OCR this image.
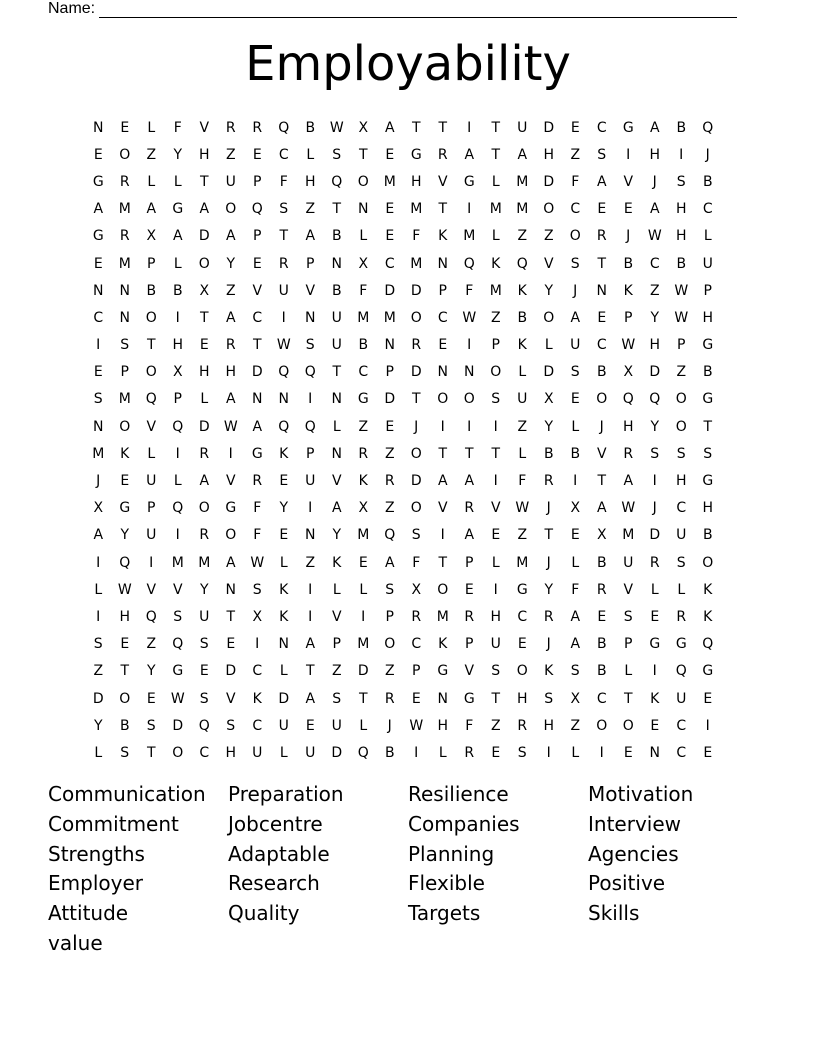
Name:
Employability
N	E	L	F	V	R	R	Q	B	W	X	A	T	T	I	T	U	D	E	C	G	A	B	Q
E	O	Z	Y	H	Z	E	C	L	S	T	E	G	R	A	T	A	H	Z	S	I	H	I	J
G	R	L	L	T	U	P	F	H	Q	O	M	H	V	G	L	M	D	F	A	V	J	S	B
A	M	A	G	A	O	Q	S	Z	T	N	E	M	T	I	M	M	O	C	E	E	A	H	C
G	R	X	A	D	A	P	T	A	B	L	E	F	K	M	L	Z	Z	O	R	J	W	H	L
E	M	P	L	O	Y	E	R	P	N	X	C	M	N	Q	K	Q	V	S	T	B	C	B	U
N	N	B	B	X	Z	V	U	V	B	F	D	D	P	F	M	K	Y	J	N	K	Z	W	P
C	N	O	I	T	A	C	I	N	U	M	M	O	C	W	Z	B	O	A	E	P	Y	W	H
I	S	T	H	E	R	T	W	S	U	B	N	R	E	I	P	K	L	U	C	W	H	P	G
E	P	O	X	H	H	D	Q	Q	T	C	P	D	N	N	O	L	D	S	B	X	D	Z	B
S	M	Q	P	L	A	N	N	I	N	G	D	T	O	O	S	U	X	E	O	Q	Q	O	G
N	O	V	Q	D	W	A	Q	Q	L	Z	E	J	I	I	I	Z	Y	L	J	H	Y	O	T
M	K	L	I	R	I	G	K	P	N	R	Z	O	T	T	T	L	B	B	V	R	S	S	S
J	E	U	L	A	V	R	E	U	V	K	R	D	A	A	I	F	R	I	T	A	I	H	G
X	G	P	Q	O	G	F	Y	I	A	X	Z	O	V	R	V	W	J	X	A	W	J	C	H
A	Y	U	I	R	O	F	E	N	Y	M	Q	S	I	A	E	Z	T	E	X	M	D	U	B
I	Q	I	M	M	A	W	L	Z	K	E	A	F	T	P	L	M	J	L	B	U	R	S	O
L	W	V	V	Y	N	S	K	I	L	L	S	X	O	E	I	G	Y	F	R	V	L	L	K
I	H	Q	S	U	T	X	K	I	V	I	P	R	M	R	H	C	R	A	E	S	E	R	K
S	E	Z	Q	S	E	I	N	A	P	M	O	C	K	P	U	E	J	A	B	P	G	G	Q
Z	T	Y	G	E	D	C	L	T	Z	D	Z	P	G	V	S	O	K	S	B	L	I	Q	G
D	O	E	W	S	V	K	D	A	S	T	R	E	N	G	T	H	S	X	C	T	K	U	E
Y	B	S	D	Q	S	C	U	E	U	L	J	W	H	F	Z	R	H	Z	O	O	E	C	I
L	S	T	O	C	H	U	L	U	D	Q	B	I	L	R	E	S	I	L	I	E	N	C	E
Communication	Preparation	Resilience	Motivation
Commitment	Jobcentre	Companies	Interview
Strengths	Adaptable	Planning	Agencies
Employer	Research	Flexible	Positive
Attitude	Quality	Targets	Skills
value
